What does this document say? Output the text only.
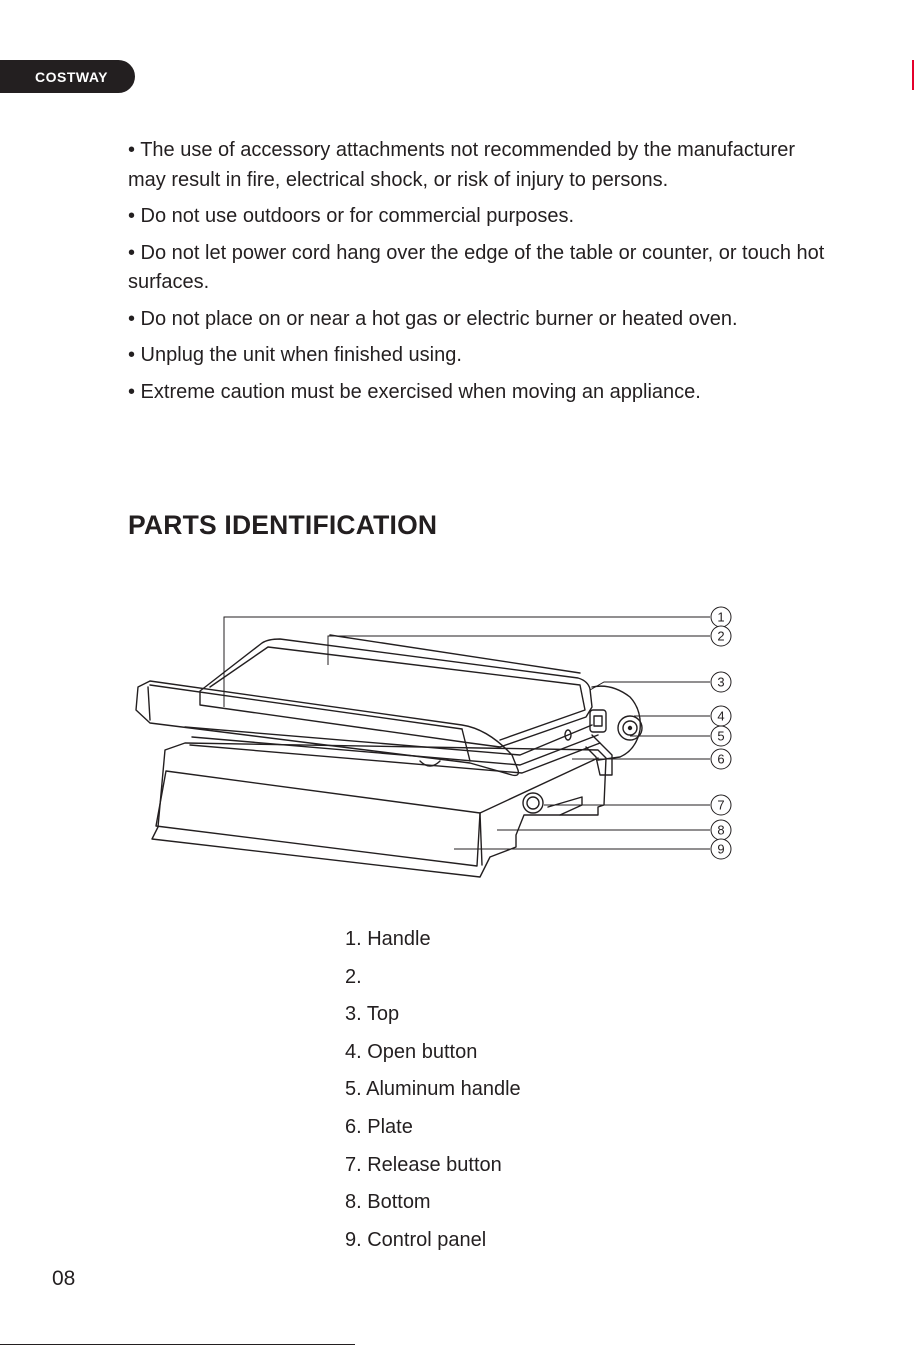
COSTWAY

• The use of accessory attachments not recommended by the manufacturer may result in fire, electrical shock, or risk of injury to persons.

• Do not use outdoors or for commercial purposes.

• Do not let power cord hang over the edge of the table or counter, or touch hot surfaces.

• Do not place on or near a hot gas or electric burner or heated oven.

• Unplug the unit when finished using.

• Extreme caution must be exercised when moving an appliance.

PARTS IDENTIFICATION
1
2
3
4
5
6
7
8
9
1. Handle
2.
3. Top
4. Open button
5. Aluminum handle
6. Plate
7. Release button
8. Bottom
9. Control panel
08
